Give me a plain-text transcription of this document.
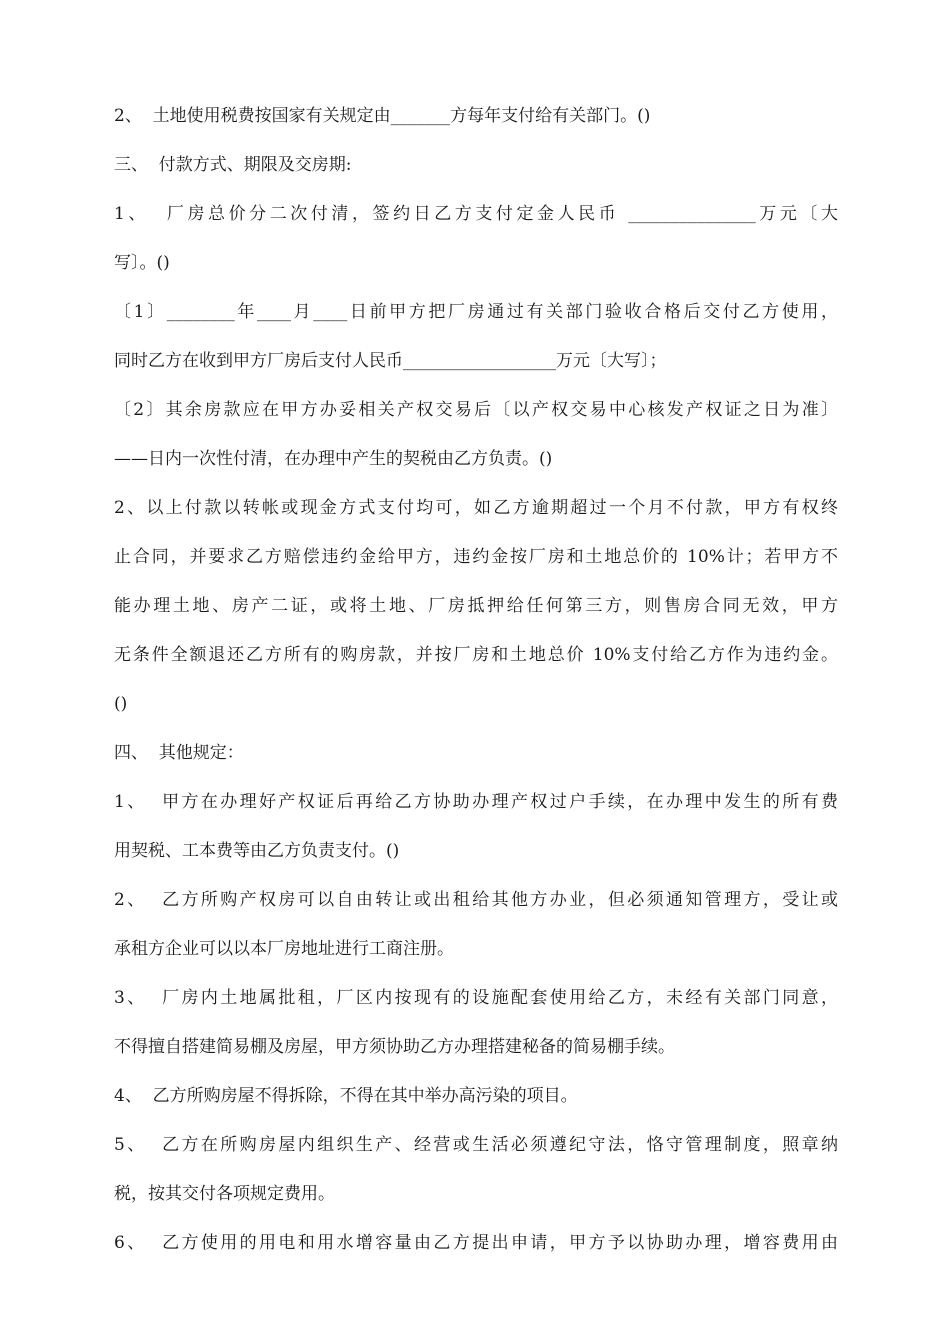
2、  土地使用税费按国家有关规定由_______方每年支付给有关部门。()
三、  付款方式、期限及交房期:
1、  厂房总价分二次付清，签约日乙方支付定金人民币 _______________万元〔大
写〕。()
〔1〕________年____月____日前甲方把厂房通过有关部门验收合格后交付乙方使用，
同时乙方在收到甲方厂房后支付人民币__________________万元〔大写〕；
〔2〕其余房款应在甲方办妥相关产权交易后〔以产权交易中心核发产权证之日为准〕
——日内一次性付清，在办理中产生的契税由乙方负责。()
2、以上付款以转帐或现金方式支付均可，如乙方逾期超过一个月不付款，甲方有权终
止合同，并要求乙方赔偿违约金给甲方，违约金按厂房和土地总价的 10%计；若甲方不
能办理土地、房产二证，或将土地、厂房抵押给任何第三方，则售房合同无效，甲方
无条件全额退还乙方所有的购房款，并按厂房和土地总价 10%支付给乙方作为违约金。
()
四、  其他规定：
1、  甲方在办理好产权证后再给乙方协助办理产权过户手续，在办理中发生的所有费
用契税、工本费等由乙方负责支付。()
2、  乙方所购产权房可以自由转让或出租给其他方办业，但必须通知管理方，受让或
承租方企业可以以本厂房地址进行工商注册。
3、  厂房内土地属批租，厂区内按现有的设施配套使用给乙方，未经有关部门同意，
不得擅自搭建简易棚及房屋，甲方须协助乙方办理搭建秘备的简易棚手续。
4、  乙方所购房屋不得拆除，不得在其中举办高污染的项目。
5、  乙方在所购房屋内组织生产、经营或生活必须遵纪守法，恪守管理制度，照章纳
税，按其交付各项规定费用。
6、  乙方使用的用电和用水增容量由乙方提出申请，甲方予以协助办理，增容费用由
